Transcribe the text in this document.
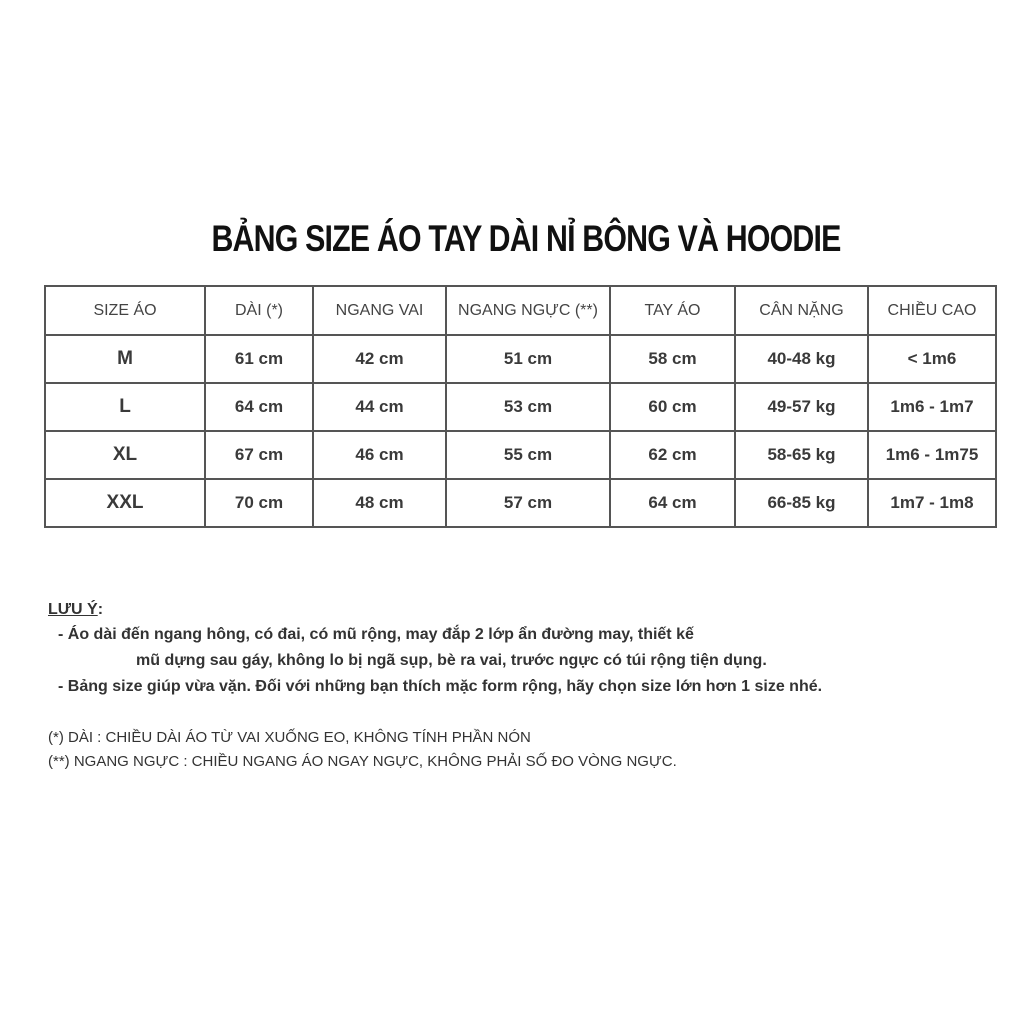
BẢNG SIZE ÁO TAY DÀI NỈ BÔNG VÀ HOODIE
SIZE ÁO	DÀI (*)	NGANG VAI	NGANG NGỰC (**)	TAY ÁO	CÂN NẶNG	CHIỀU CAO
M	61 cm	42 cm	51 cm	58 cm	40-48 kg	< 1m6
L	64 cm	44 cm	53 cm	60 cm	49-57 kg	1m6 - 1m7
XL	67 cm	46 cm	55 cm	62 cm	58-65 kg	1m6 - 1m75
XXL	70 cm	48 cm	57 cm	64 cm	66-85 kg	1m7 - 1m8
LƯU Ý:
- Áo dài đến ngang hông, có đai, có mũ rộng, may đắp 2 lớp ẩn đường may, thiết kế
mũ dựng sau gáy, không lo bị ngã sụp, bè ra vai, trước ngực có túi rộng tiện dụng.
- Bảng size giúp vừa vặn. Đối với những bạn thích mặc form rộng, hãy chọn size lớn hơn 1 size nhé.
(*) DÀI : CHIỀU DÀI ÁO TỪ VAI XUỐNG EO, KHÔNG TÍNH PHẦN NÓN
(**) NGANG NGỰC : CHIỀU NGANG ÁO NGAY NGỰC, KHÔNG PHẢI SỐ ĐO VÒNG NGỰC.
